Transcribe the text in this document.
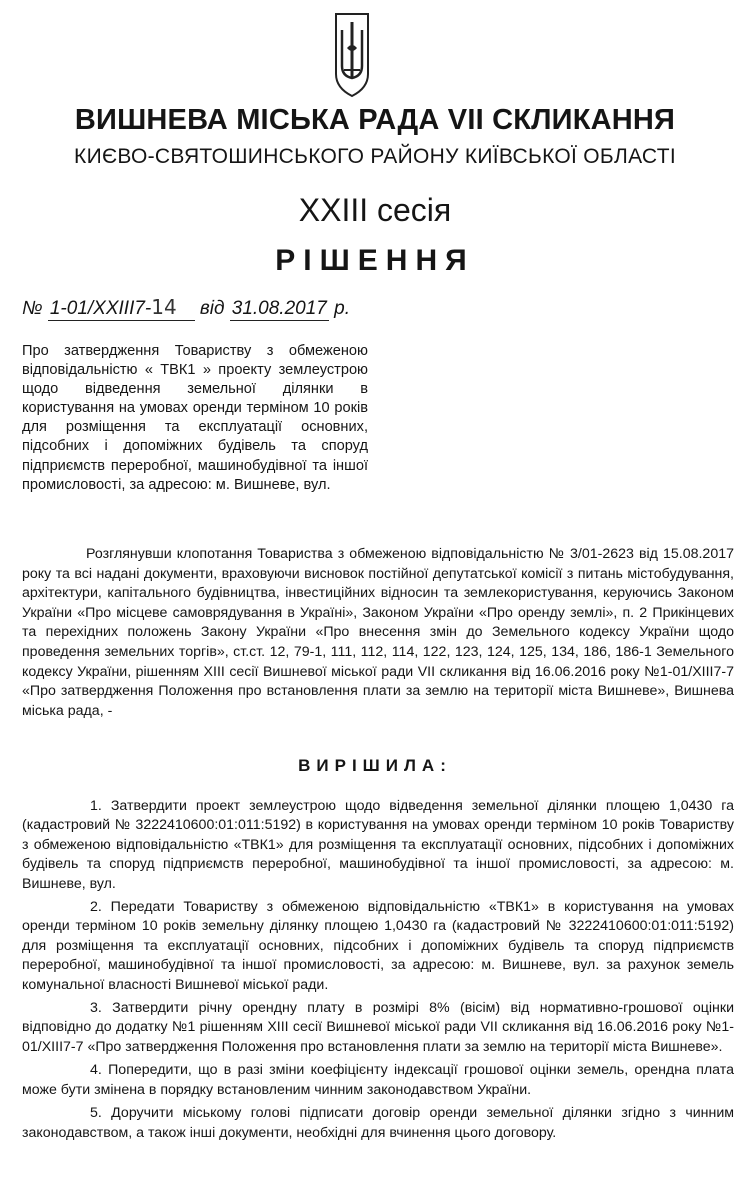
ВИШНЕВА МІСЬКА РАДА VII СКЛИКАННЯ
КИЄВО-СВЯТОШИНСЬКОГО РАЙОНУ КИЇВСЬКОЇ ОБЛАСТІ
XXIII сесія
РІШЕННЯ
№ 1-01/XXIII7-14 від 31.08.2017 р.
Про затвердження Товариству з обмеженою відповідальністю « ТВК1 » проекту землеустрою щодо відведення земельної ділянки в користування на умовах оренди терміном 10 років для розміщення та експлуатації основних, підсобних і допоміжних будівель та споруд підприємств переробної, машинобудівної та іншої промисловості, за адресою: м. Вишневе, вул.

Розглянувши клопотання Товариства з обмеженою відповідальністю № 3/01-2623 від 15.08.2017 року та всі надані документи, враховуючи висновок постійної депутатської комісії з питань містобудування, архітектури, капітального будівництва, інвестиційних відносин та землекористування, керуючись Законом України «Про місцеве самоврядування в Україні», Законом України «Про оренду землі», п. 2 Прикінцевих та перехідних положень Закону України «Про внесення змін до Земельного кодексу України щодо проведення земельних торгів», ст.ст. 12, 79-1, 111, 112, 114, 122, 123, 124, 125, 134, 186, 186-1 Земельного кодексу України, рішенням XIII сесії Вишневої міської ради VII скликання від 16.06.2016 року №1-01/XIII7-7 «Про затвердження Положення про встановлення плати за землю на території міста Вишневе», Вишнева міська рада, -

ВИРІШИЛА:

1. Затвердити проект землеустрою щодо відведення земельної ділянки площею 1,0430 га (кадастровий № 3222410600:01:011:5192) в користування на умовах оренди терміном 10 років Товариству з обмеженою відповідальністю «ТВК1» для розміщення та експлуатації основних, підсобних і допоміжних будівель та споруд підприємств переробної, машинобудівної та іншої промисловості, за адресою: м. Вишневе, вул.

2. Передати Товариству з обмеженою відповідальністю «ТВК1» в користування на умовах оренди терміном 10 років земельну ділянку площею 1,0430 га (кадастровий № 3222410600:01:011:5192) для розміщення та експлуатації основних, підсобних і допоміжних будівель та споруд підприємств переробної, машинобудівної та іншої промисловості, за адресою: м. Вишневе, вул. за рахунок земель комунальної власності Вишневої міської ради.

3. Затвердити річну орендну плату в розмірі 8% (вісім) від нормативно-грошової оцінки відповідно до додатку №1 рішенням XIII сесії Вишневої міської ради VII скликання від 16.06.2016 року №1-01/XIII7-7 «Про затвердження Положення про встановлення плати за землю на території міста Вишневе».

4. Попередити, що в разі зміни коефіцієнту індексації грошової оцінки земель, орендна плата може бути змінена в порядку встановленим чинним законодавством України.

5. Доручити міському голові підписати договір оренди земельної ділянки згідно з чинним законодавством, а також інші документи, необхідні для вчинення цього договору.
